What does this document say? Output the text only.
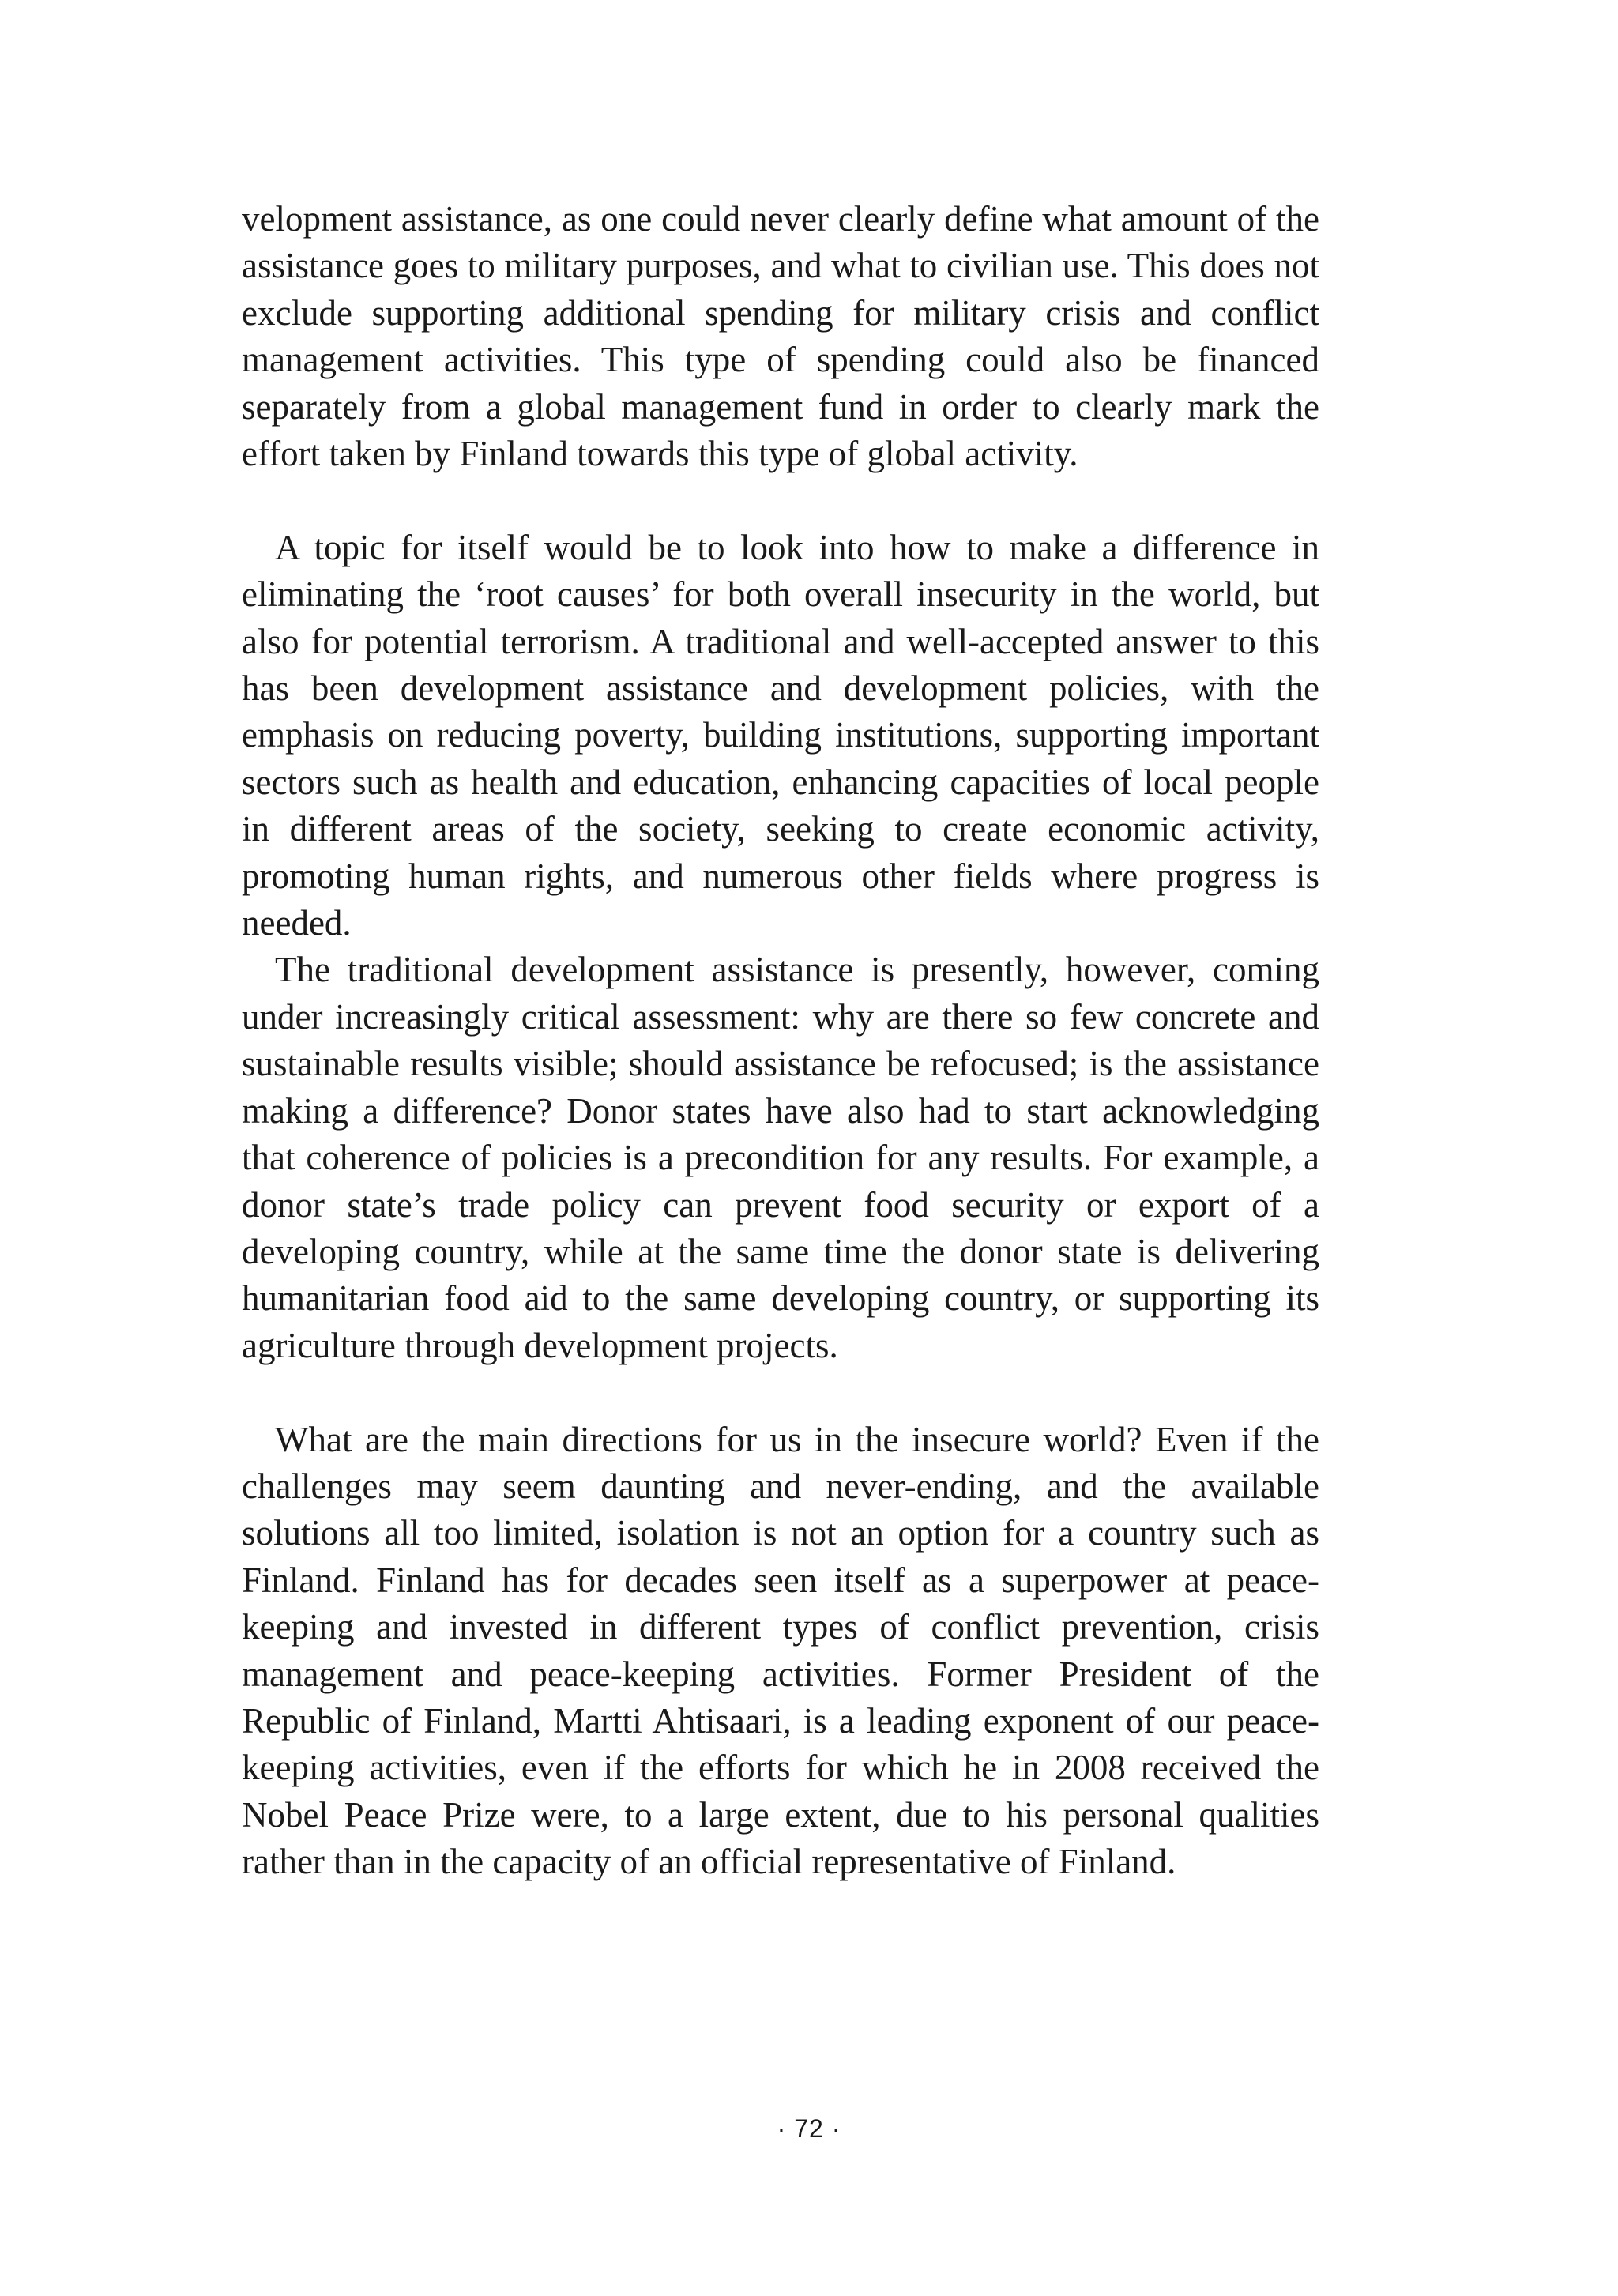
velopment assistance, as one could never clearly define what amount of the assistance goes to military purposes, and what to civilian use. This does not exclude supporting additional spending for military crisis and conflict management activities. This type of spending could also be financed separately from a global management fund in order to clearly mark the effort taken by Finland towards this type of global activity.

A topic for itself would be to look into how to make a difference in eliminating the ‘root causes’ for both overall insecurity in the world, but also for potential terrorism. A traditional and well-accepted answer to this has been development assistance and development policies, with the emphasis on reducing poverty, building institutions, supporting important sectors such as health and education, enhancing capacities of local people in different areas of the society, seeking to create economic activity, promoting human rights, and numerous other fields where progress is needed.

The traditional development assistance is presently, however, coming under increasingly critical assessment: why are there so few concrete and sustainable results visible; should assistance be refocused; is the assistance making a difference? Donor states have also had to start acknowledging that coherence of policies is a precondition for any results. For example, a donor state’s trade policy can prevent food security or export of a developing country, while at the same time the donor state is delivering humanitarian food aid to the same developing country, or supporting its agriculture through development projects.

What are the main directions for us in the insecure world? Even if the challenges may seem daunting and never-ending, and the available solutions all too limited, isolation is not an option for a country such as Finland. Finland has for decades seen itself as a superpower at peace-keeping and invested in different types of conflict prevention, crisis management and peace-keeping activities. Former President of the Republic of Finland, Martti Ahtisaari, is a leading exponent of our peace-keeping activities, even if the efforts for which he in 2008 received the Nobel Peace Prize were, to a large extent, due to his personal qualities rather than in the capacity of an official representative of Finland.

· 72 ·
